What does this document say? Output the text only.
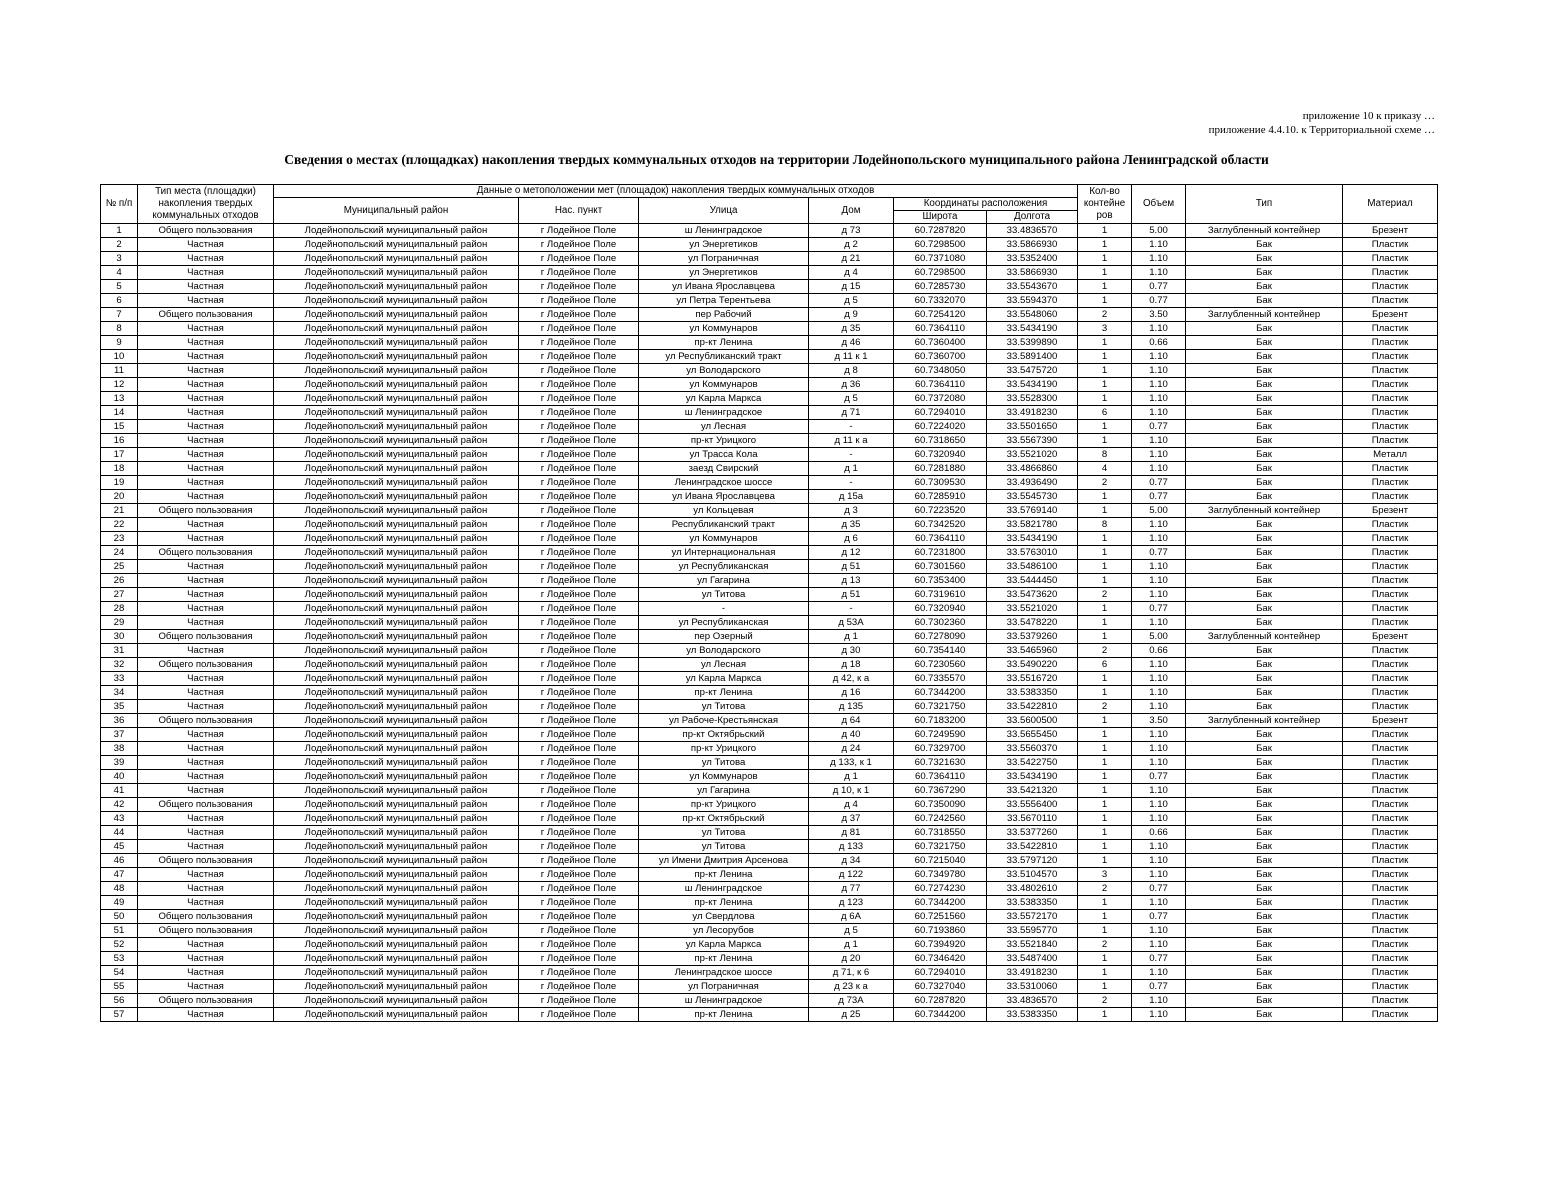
приложение 10 к приказу …
приложение 4.4.10. к Территориальной схеме …
Сведения о местах (площадках) накопления твердых коммунальных отходов на территории Лодейнопольского муниципального района Ленинградской области
№ п/п	Тип места (площадки) накопления твердых коммунальных отходов	Данные о метоположении мет (площадок) накопления твердых коммунальных отходов						Кол-во контейне ров	Объем	Тип	Материал
		Муниципальный район	Нас. пункт	Улица	Дом	Координаты расположения					
						Широта	Долгота				
1	Общего пользования	Лодейнопольский муниципальный район	г Лодейное Поле	ш Ленинградское	д 73	60.7287820	33.4836570	1	5.00	Заглубленный контейнер	Брезент
2	Частная	Лодейнопольский муниципальный район	г Лодейное Поле	ул Энергетиков	д 2	60.7298500	33.5866930	1	1.10	Бак	Пластик
3	Частная	Лодейнопольский муниципальный район	г Лодейное Поле	ул Пограничная	д 21	60.7371080	33.5352400	1	1.10	Бак	Пластик
4	Частная	Лодейнопольский муниципальный район	г Лодейное Поле	ул Энергетиков	д 4	60.7298500	33.5866930	1	1.10	Бак	Пластик
5	Частная	Лодейнопольский муниципальный район	г Лодейное Поле	ул Ивана Ярославцева	д 15	60.7285730	33.5543670	1	0.77	Бак	Пластик
6	Частная	Лодейнопольский муниципальный район	г Лодейное Поле	ул Петра Терентьева	д 5	60.7332070	33.5594370	1	0.77	Бак	Пластик
7	Общего пользования	Лодейнопольский муниципальный район	г Лодейное Поле	пер Рабочий	д 9	60.7254120	33.5548060	2	3.50	Заглубленный контейнер	Брезент
8	Частная	Лодейнопольский муниципальный район	г Лодейное Поле	ул Коммунаров	д 35	60.7364110	33.5434190	3	1.10	Бак	Пластик
9	Частная	Лодейнопольский муниципальный район	г Лодейное Поле	пр-кт Ленина	д 46	60.7360400	33.5399890	1	0.66	Бак	Пластик
10	Частная	Лодейнопольский муниципальный район	г Лодейное Поле	ул Республиканский тракт	д 11 к 1	60.7360700	33.5891400	1	1.10	Бак	Пластик
11	Частная	Лодейнопольский муниципальный район	г Лодейное Поле	ул Володарского	д 8	60.7348050	33.5475720	1	1.10	Бак	Пластик
12	Частная	Лодейнопольский муниципальный район	г Лодейное Поле	ул Коммунаров	д 36	60.7364110	33.5434190	1	1.10	Бак	Пластик
13	Частная	Лодейнопольский муниципальный район	г Лодейное Поле	ул Карла Маркса	д 5	60.7372080	33.5528300	1	1.10	Бак	Пластик
14	Частная	Лодейнопольский муниципальный район	г Лодейное Поле	ш Ленинградское	д 71	60.7294010	33.4918230	6	1.10	Бак	Пластик
15	Частная	Лодейнопольский муниципальный район	г Лодейное Поле	ул Лесная	-	60.7224020	33.5501650	1	0.77	Бак	Пластик
16	Частная	Лодейнопольский муниципальный район	г Лодейное Поле	пр-кт Урицкого	д 11 к а	60.7318650	33.5567390	1	1.10	Бак	Пластик
17	Частная	Лодейнопольский муниципальный район	г Лодейное Поле	ул Трасса Кола	-	60.7320940	33.5521020	8	1.10	Бак	Металл
18	Частная	Лодейнопольский муниципальный район	г Лодейное Поле	заезд Свирский	д 1	60.7281880	33.4866860	4	1.10	Бак	Пластик
19	Частная	Лодейнопольский муниципальный район	г Лодейное Поле	Ленинградское шоссе	-	60.7309530	33.4936490	2	0.77	Бак	Пластик
20	Частная	Лодейнопольский муниципальный район	г Лодейное Поле	ул Ивана Ярославцева	д 15а	60.7285910	33.5545730	1	0.77	Бак	Пластик
21	Общего пользования	Лодейнопольский муниципальный район	г Лодейное Поле	ул Кольцевая	д 3	60.7223520	33.5769140	1	5.00	Заглубленный контейнер	Брезент
22	Частная	Лодейнопольский муниципальный район	г Лодейное Поле	Республиканский тракт	д 35	60.7342520	33.5821780	8	1.10	Бак	Пластик
23	Частная	Лодейнопольский муниципальный район	г Лодейное Поле	ул Коммунаров	д 6	60.7364110	33.5434190	1	1.10	Бак	Пластик
24	Общего пользования	Лодейнопольский муниципальный район	г Лодейное Поле	ул Интернациональная	д 12	60.7231800	33.5763010	1	0.77	Бак	Пластик
25	Частная	Лодейнопольский муниципальный район	г Лодейное Поле	ул Республиканская	д 51	60.7301560	33.5486100	1	1.10	Бак	Пластик
26	Частная	Лодейнопольский муниципальный район	г Лодейное Поле	ул Гагарина	д 13	60.7353400	33.5444450	1	1.10	Бак	Пластик
27	Частная	Лодейнопольский муниципальный район	г Лодейное Поле	ул Титова	д 51	60.7319610	33.5473620	2	1.10	Бак	Пластик
28	Частная	Лодейнопольский муниципальный район	г Лодейное Поле	-	-	60.7320940	33.5521020	1	0.77	Бак	Пластик
29	Частная	Лодейнопольский муниципальный район	г Лодейное Поле	ул Республиканская	д 53А	60.7302360	33.5478220	1	1.10	Бак	Пластик
30	Общего пользования	Лодейнопольский муниципальный район	г Лодейное Поле	пер Озерный	д 1	60.7278090	33.5379260	1	5.00	Заглубленный контейнер	Брезент
31	Частная	Лодейнопольский муниципальный район	г Лодейное Поле	ул Володарского	д 30	60.7354140	33.5465960	2	0.66	Бак	Пластик
32	Общего пользования	Лодейнопольский муниципальный район	г Лодейное Поле	ул Лесная	д 18	60.7230560	33.5490220	6	1.10	Бак	Пластик
33	Частная	Лодейнопольский муниципальный район	г Лодейное Поле	ул Карла Маркса	д 42, к а	60.7335570	33.5516720	1	1.10	Бак	Пластик
34	Частная	Лодейнопольский муниципальный район	г Лодейное Поле	пр-кт Ленина	д 16	60.7344200	33.5383350	1	1.10	Бак	Пластик
35	Частная	Лодейнопольский муниципальный район	г Лодейное Поле	ул Титова	д 135	60.7321750	33.5422810	2	1.10	Бак	Пластик
36	Общего пользования	Лодейнопольский муниципальный район	г Лодейное Поле	ул Рабоче-Крестьянская	д 64	60.7183200	33.5600500	1	3.50	Заглубленный контейнер	Брезент
37	Частная	Лодейнопольский муниципальный район	г Лодейное Поле	пр-кт Октябрьский	д 40	60.7249590	33.5655450	1	1.10	Бак	Пластик
38	Частная	Лодейнопольский муниципальный район	г Лодейное Поле	пр-кт Урицкого	д 24	60.7329700	33.5560370	1	1.10	Бак	Пластик
39	Частная	Лодейнопольский муниципальный район	г Лодейное Поле	ул Титова	д 133, к 1	60.7321630	33.5422750	1	1.10	Бак	Пластик
40	Частная	Лодейнопольский муниципальный район	г Лодейное Поле	ул Коммунаров	д 1	60.7364110	33.5434190	1	0.77	Бак	Пластик
41	Частная	Лодейнопольский муниципальный район	г Лодейное Поле	ул Гагарина	д 10, к 1	60.7367290	33.5421320	1	1.10	Бак	Пластик
42	Общего пользования	Лодейнопольский муниципальный район	г Лодейное Поле	пр-кт Урицкого	д 4	60.7350090	33.5556400	1	1.10	Бак	Пластик
43	Частная	Лодейнопольский муниципальный район	г Лодейное Поле	пр-кт Октябрьский	д 37	60.7242560	33.5670110	1	1.10	Бак	Пластик
44	Частная	Лодейнопольский муниципальный район	г Лодейное Поле	ул Титова	д 81	60.7318550	33.5377260	1	0.66	Бак	Пластик
45	Частная	Лодейнопольский муниципальный район	г Лодейное Поле	ул Титова	д 133	60.7321750	33.5422810	1	1.10	Бак	Пластик
46	Общего пользования	Лодейнопольский муниципальный район	г Лодейное Поле	ул Имени Дмитрия Арсенова	д 34	60.7215040	33.5797120	1	1.10	Бак	Пластик
47	Частная	Лодейнопольский муниципальный район	г Лодейное Поле	пр-кт Ленина	д 122	60.7349780	33.5104570	3	1.10	Бак	Пластик
48	Частная	Лодейнопольский муниципальный район	г Лодейное Поле	ш Ленинградское	д 77	60.7274230	33.4802610	2	0.77	Бак	Пластик
49	Частная	Лодейнопольский муниципальный район	г Лодейное Поле	пр-кт Ленина	д 123	60.7344200	33.5383350	1	1.10	Бак	Пластик
50	Общего пользования	Лодейнопольский муниципальный район	г Лодейное Поле	ул Свердлова	д 6А	60.7251560	33.5572170	1	0.77	Бак	Пластик
51	Общего пользования	Лодейнопольский муниципальный район	г Лодейное Поле	ул Лесорубов	д 5	60.7193860	33.5595770	1	1.10	Бак	Пластик
52	Частная	Лодейнопольский муниципальный район	г Лодейное Поле	ул Карла Маркса	д 1	60.7394920	33.5521840	2	1.10	Бак	Пластик
53	Частная	Лодейнопольский муниципальный район	г Лодейное Поле	пр-кт Ленина	д 20	60.7346420	33.5487400	1	0.77	Бак	Пластик
54	Частная	Лодейнопольский муниципальный район	г Лодейное Поле	Ленинградское шоссе	д 71, к 6	60.7294010	33.4918230	1	1.10	Бак	Пластик
55	Частная	Лодейнопольский муниципальный район	г Лодейное Поле	ул Пограничная	д 23 к а	60.7327040	33.5310060	1	0.77	Бак	Пластик
56	Общего пользования	Лодейнопольский муниципальный район	г Лодейное Поле	ш Ленинградское	д 73А	60.7287820	33.4836570	2	1.10	Бак	Пластик
57	Частная	Лодейнопольский муниципальный район	г Лодейное Поле	пр-кт Ленина	д 25	60.7344200	33.5383350	1	1.10	Бак	Пластик
